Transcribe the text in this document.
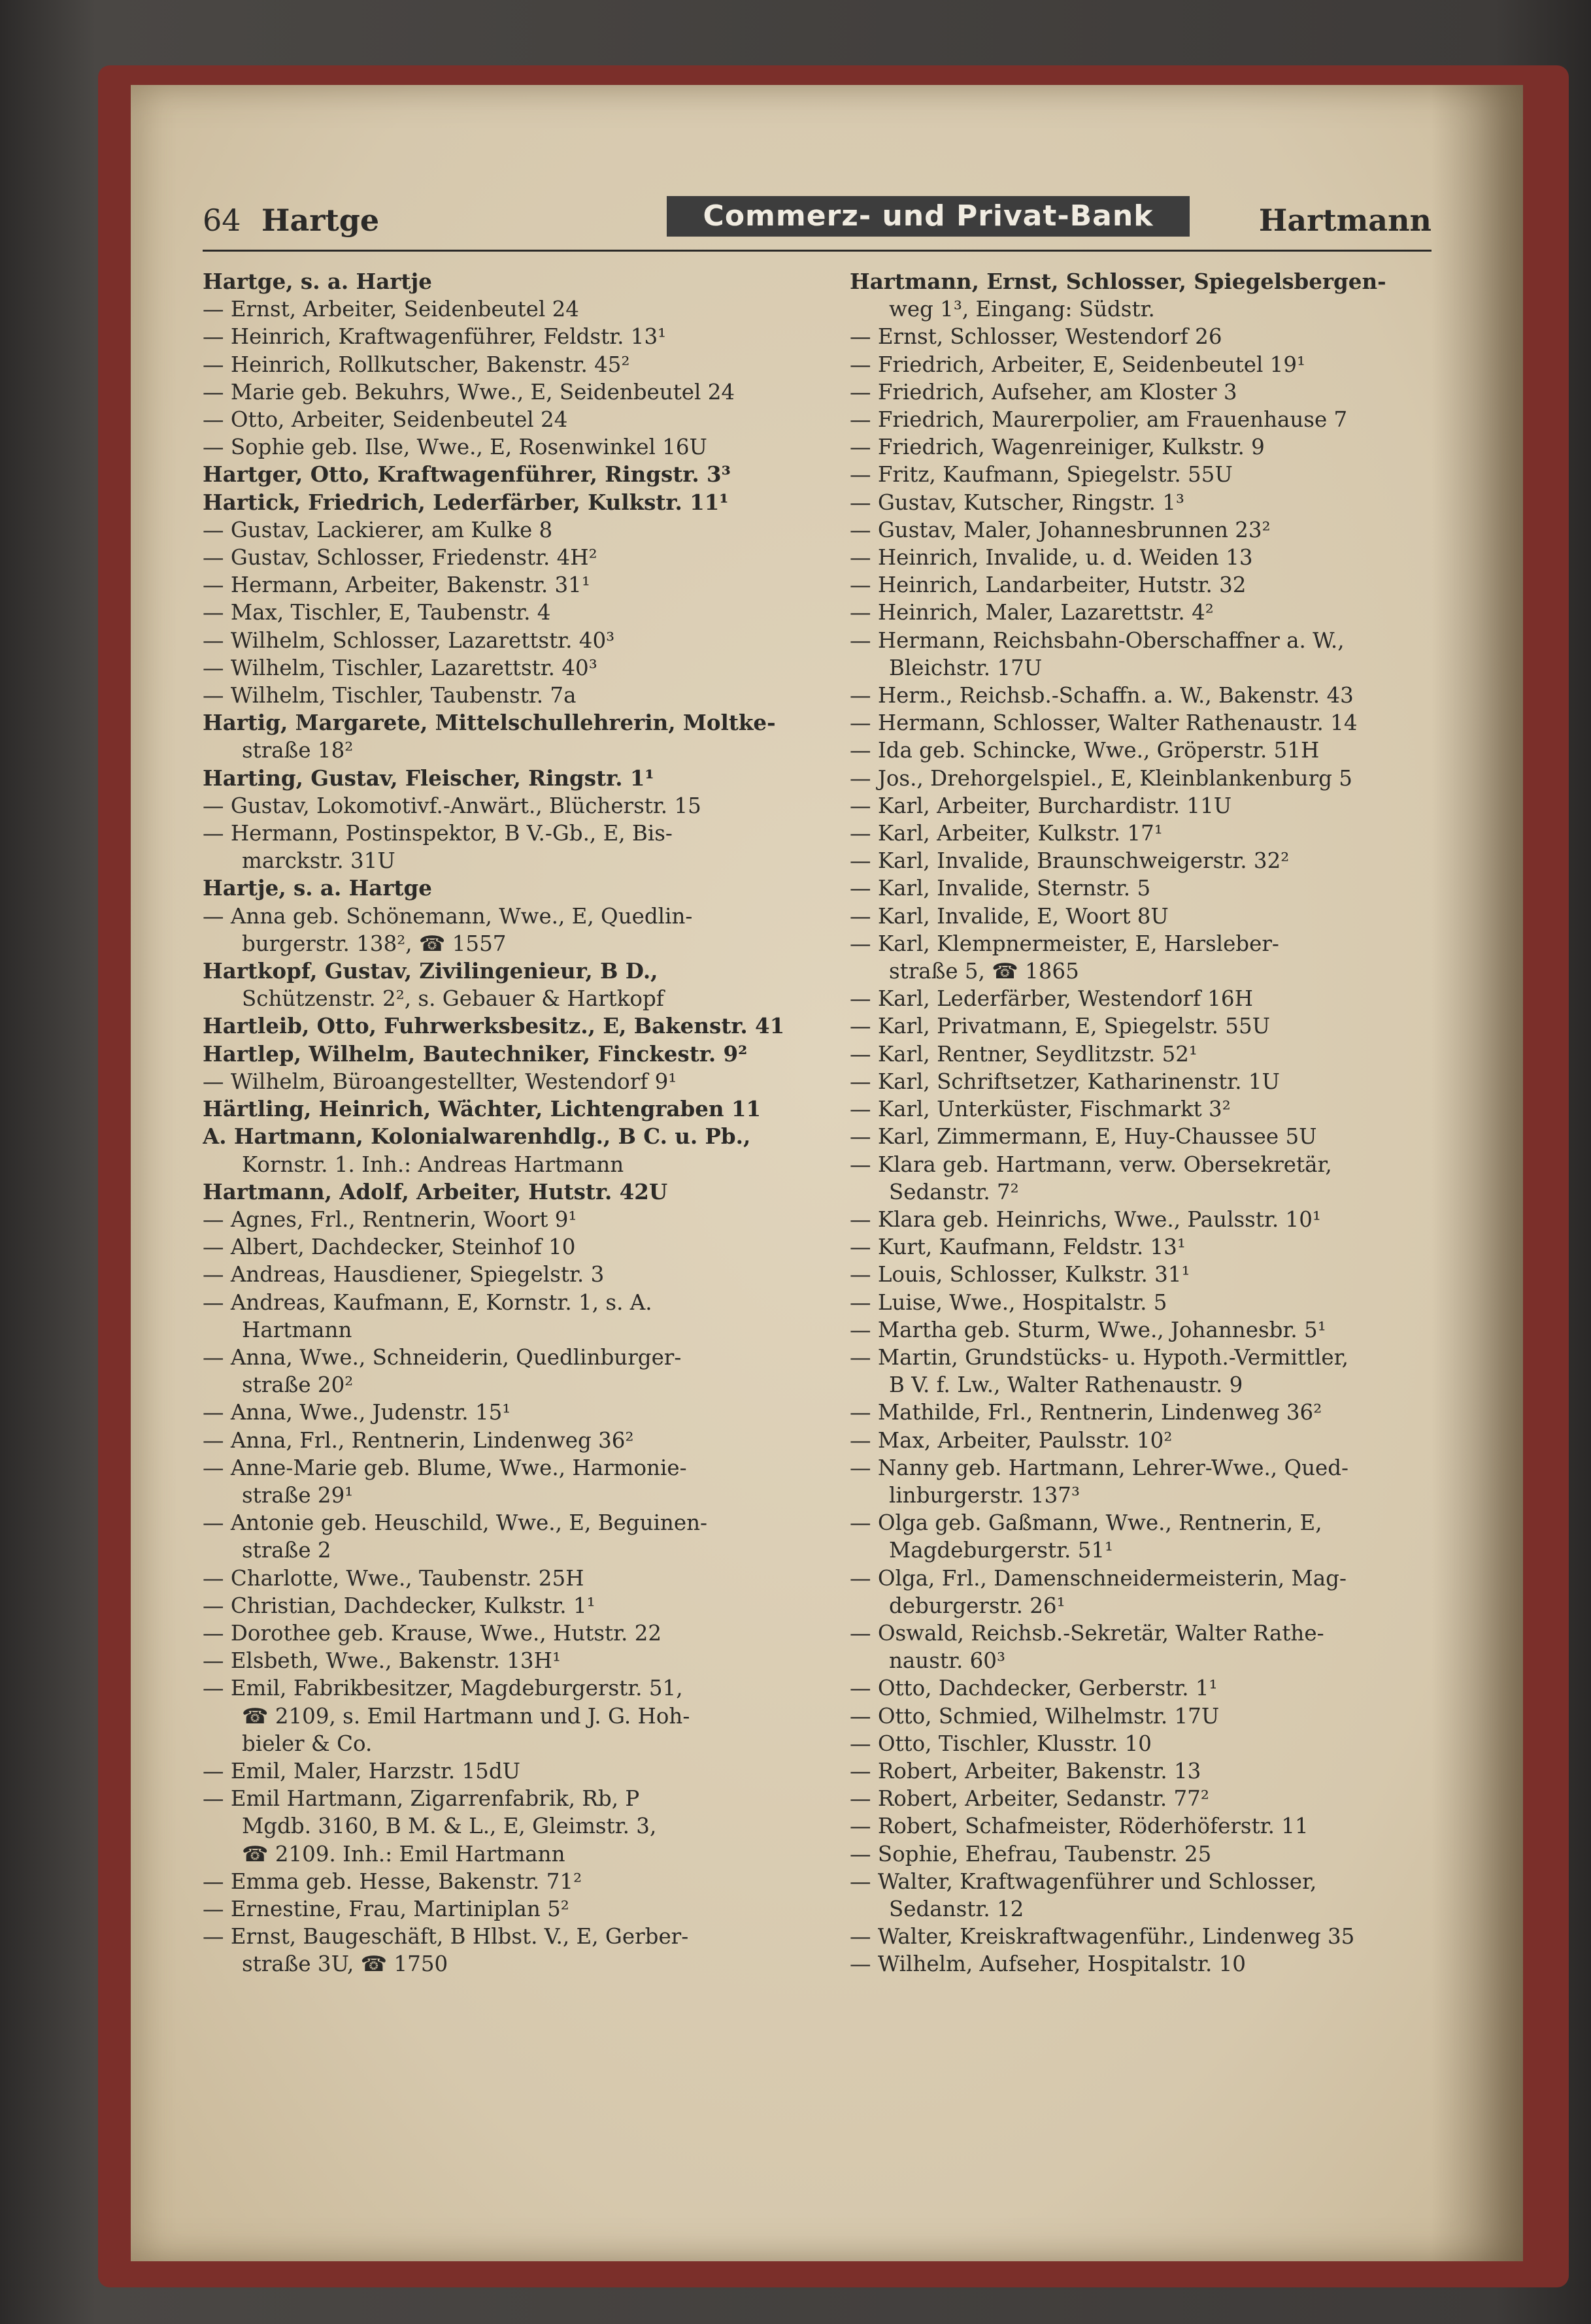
64 Hartge	Commerz- und Privat-Bank	Hartmann
Hartge, s. a. Hartje
— Ernst, Arbeiter, Seidenbeutel 24
— Heinrich, Kraftwagenführer, Feldstr. 13¹
— Heinrich, Rollkutscher, Bakenstr. 45²
— Marie geb. Bekuhrs, Wwe., E, Seidenbeutel 24
— Otto, Arbeiter, Seidenbeutel 24
— Sophie geb. Ilse, Wwe., E, Rosenwinkel 16U
Hartger, Otto, Kraftwagenführer, Ringstr. 3³
Hartick, Friedrich, Lederfärber, Kulkstr. 11¹
— Gustav, Lackierer, am Kulke 8
— Gustav, Schlosser, Friedenstr. 4H²
— Hermann, Arbeiter, Bakenstr. 31¹
— Max, Tischler, E, Taubenstr. 4
— Wilhelm, Schlosser, Lazarettstr. 40³
— Wilhelm, Tischler, Lazarettstr. 40³
— Wilhelm, Tischler, Taubenstr. 7a
Hartig, Margarete, Mittelschullehrerin, Moltke-
straße 18²
Harting, Gustav, Fleischer, Ringstr. 1¹
— Gustav, Lokomotivf.-Anwärt., Blücherstr. 15
— Hermann, Postinspektor, B V.-Gb., E, Bis-
marckstr. 31U
Hartje, s. a. Hartge
— Anna geb. Schönemann, Wwe., E, Quedlin-
burgerstr. 138², ☎ 1557
Hartkopf, Gustav, Zivilingenieur, B D.,
Schützenstr. 2², s. Gebauer & Hartkopf
Hartleib, Otto, Fuhrwerksbesitz., E, Bakenstr. 41
Hartlep, Wilhelm, Bautechniker, Finckestr. 9²
— Wilhelm, Büroangestellter, Westendorf 9¹
Härtling, Heinrich, Wächter, Lichtengraben 11
A. Hartmann, Kolonialwarenhdlg., B C. u. Pb.,
Kornstr. 1. Inh.: Andreas Hartmann
Hartmann, Adolf, Arbeiter, Hutstr. 42U
— Agnes, Frl., Rentnerin, Woort 9¹
— Albert, Dachdecker, Steinhof 10
— Andreas, Hausdiener, Spiegelstr. 3
— Andreas, Kaufmann, E, Kornstr. 1, s. A.
Hartmann
— Anna, Wwe., Schneiderin, Quedlinburger-
straße 20²
— Anna, Wwe., Judenstr. 15¹
— Anna, Frl., Rentnerin, Lindenweg 36²
— Anne-Marie geb. Blume, Wwe., Harmonie-
straße 29¹
— Antonie geb. Heuschild, Wwe., E, Beguinen-
straße 2
— Charlotte, Wwe., Taubenstr. 25H
— Christian, Dachdecker, Kulkstr. 1¹
— Dorothee geb. Krause, Wwe., Hutstr. 22
— Elsbeth, Wwe., Bakenstr. 13H¹
— Emil, Fabrikbesitzer, Magdeburgerstr. 51,
☎ 2109, s. Emil Hartmann und J. G. Hoh-
bieler & Co.
— Emil, Maler, Harzstr. 15dU
— Emil Hartmann, Zigarrenfabrik, Rb, P
Mgdb. 3160, B M. & L., E, Gleimstr. 3,
☎ 2109. Inh.: Emil Hartmann
— Emma geb. Hesse, Bakenstr. 71²
— Ernestine, Frau, Martiniplan 5²
— Ernst, Baugeschäft, B Hlbst. V., E, Gerber-
straße 3U, ☎ 1750
Hartmann, Ernst, Schlosser, Spiegelsbergen-
weg 1³, Eingang: Südstr.
— Ernst, Schlosser, Westendorf 26
— Friedrich, Arbeiter, E, Seidenbeutel 19¹
— Friedrich, Aufseher, am Kloster 3
— Friedrich, Maurerpolier, am Frauenhause 7
— Friedrich, Wagenreiniger, Kulkstr. 9
— Fritz, Kaufmann, Spiegelstr. 55U
— Gustav, Kutscher, Ringstr. 1³
— Gustav, Maler, Johannesbrunnen 23²
— Heinrich, Invalide, u. d. Weiden 13
— Heinrich, Landarbeiter, Hutstr. 32
— Heinrich, Maler, Lazarettstr. 4²
— Hermann, Reichsbahn-Oberschaffner a. W.,
Bleichstr. 17U
— Herm., Reichsb.-Schaffn. a. W., Bakenstr. 43
— Hermann, Schlosser, Walter Rathenaustr. 14
— Ida geb. Schincke, Wwe., Gröperstr. 51H
— Jos., Drehorgelspiel., E, Kleinblankenburg 5
— Karl, Arbeiter, Burchardistr. 11U
— Karl, Arbeiter, Kulkstr. 17¹
— Karl, Invalide, Braunschweigerstr. 32²
— Karl, Invalide, Sternstr. 5
— Karl, Invalide, E, Woort 8U
— Karl, Klempnermeister, E, Harsleber-
straße 5, ☎ 1865
— Karl, Lederfärber, Westendorf 16H
— Karl, Privatmann, E, Spiegelstr. 55U
— Karl, Rentner, Seydlitzstr. 52¹
— Karl, Schriftsetzer, Katharinenstr. 1U
— Karl, Unterküster, Fischmarkt 3²
— Karl, Zimmermann, E, Huy-Chaussee 5U
— Klara geb. Hartmann, verw. Obersekretär,
Sedanstr. 7²
— Klara geb. Heinrichs, Wwe., Paulsstr. 10¹
— Kurt, Kaufmann, Feldstr. 13¹
— Louis, Schlosser, Kulkstr. 31¹
— Luise, Wwe., Hospitalstr. 5
— Martha geb. Sturm, Wwe., Johannesbr. 5¹
— Martin, Grundstücks- u. Hypoth.-Vermittler,
B V. f. Lw., Walter Rathenaustr. 9
— Mathilde, Frl., Rentnerin, Lindenweg 36²
— Max, Arbeiter, Paulsstr. 10²
— Nanny geb. Hartmann, Lehrer-Wwe., Qued-
linburgerstr. 137³
— Olga geb. Gaßmann, Wwe., Rentnerin, E,
Magdeburgerstr. 51¹
— Olga, Frl., Damenschneidermeisterin, Mag-
deburgerstr. 26¹
— Oswald, Reichsb.-Sekretär, Walter Rathe-
naustr. 60³
— Otto, Dachdecker, Gerberstr. 1¹
— Otto, Schmied, Wilhelmstr. 17U
— Otto, Tischler, Klusstr. 10
— Robert, Arbeiter, Bakenstr. 13
— Robert, Arbeiter, Sedanstr. 77²
— Robert, Schafmeister, Röderhöferstr. 11
— Sophie, Ehefrau, Taubenstr. 25
— Walter, Kraftwagenführer und Schlosser,
Sedanstr. 12
— Walter, Kreiskraftwagenführ., Lindenweg 35
— Wilhelm, Aufseher, Hospitalstr. 10
